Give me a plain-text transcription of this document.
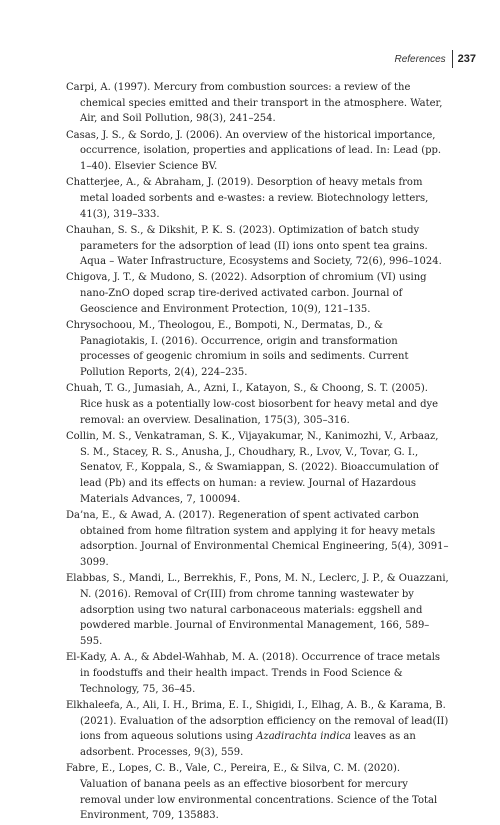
References	237
Carpi, A. (1997). Mercury from combustion sources: a review of the chemical species emitted and their transport in the atmosphere. Water, Air, and Soil Pollution, 98(3), 241–254.
Casas, J. S., & Sordo, J. (2006). An overview of the historical importance, occurrence, isolation, properties and applications of lead. In: Lead (pp. 1–40). Elsevier Science BV.
Chatterjee, A., & Abraham, J. (2019). Desorption of heavy metals from metal loaded sorbents and e-wastes: a review. Biotechnology letters, 41(3), 319–333.
Chauhan, S. S., & Dikshit, P. K. S. (2023). Optimization of batch study parameters for the adsorption of lead (II) ions onto spent tea grains. Aqua – Water Infrastructure, Ecosystems and Society, 72(6), 996–1024.
Chigova, J. T., & Mudono, S. (2022). Adsorption of chromium (VI) using nano-ZnO doped scrap tire-derived activated carbon. Journal of Geoscience and Environment Protection, 10(9), 121–135.
Chrysochoou, M., Theologou, E., Bompoti, N., Dermatas, D., & Panagiotakis, I. (2016). Occurrence, origin and transformation processes of geogenic chromium in soils and sediments. Current Pollution Reports, 2(4), 224–235.
Chuah, T. G., Jumasiah, A., Azni, I., Katayon, S., & Choong, S. T. (2005). Rice husk as a potentially low-cost biosorbent for heavy metal and dye removal: an overview. Desalination, 175(3), 305–316.
Collin, M. S., Venkatraman, S. K., Vijayakumar, N., Kanimozhi, V., Arbaaz, S. M., Stacey, R. S., Anusha, J., Choudhary, R., Lvov, V., Tovar, G. I., Senatov, F., Koppala, S., & Swamiappan, S. (2022). Bioaccumulation of lead (Pb) and its effects on human: a review. Journal of Hazardous Materials Advances, 7, 100094.
Da’na, E., & Awad, A. (2017). Regeneration of spent activated carbon obtained from home filtration system and applying it for heavy metals adsorption. Journal of Environmental Chemical Engineering, 5(4), 3091–3099.
Elabbas, S., Mandi, L., Berrekhis, F., Pons, M. N., Leclerc, J. P., & Ouazzani, N. (2016). Removal of Cr(III) from chrome tanning wastewater by adsorption using two natural carbonaceous materials: eggshell and powdered marble. Journal of Environmental Management, 166, 589–595.
El-Kady, A. A., & Abdel-Wahhab, M. A. (2018). Occurrence of trace metals in foodstuffs and their health impact. Trends in Food Science & Technology, 75, 36–45.
Elkhaleefa, A., Ali, I. H., Brima, E. I., Shigidi, I., Elhag, A. B., & Karama, B. (2021). Evaluation of the adsorption efficiency on the removal of lead(II) ions from aqueous solutions using Azadirachta indica leaves as an adsorbent. Processes, 9(3), 559.
Fabre, E., Lopes, C. B., Vale, C., Pereira, E., & Silva, C. M. (2020). Valuation of banana peels as an effective biosorbent for mercury removal under low environmental concentrations. Science of the Total Environment, 709, 135883.
